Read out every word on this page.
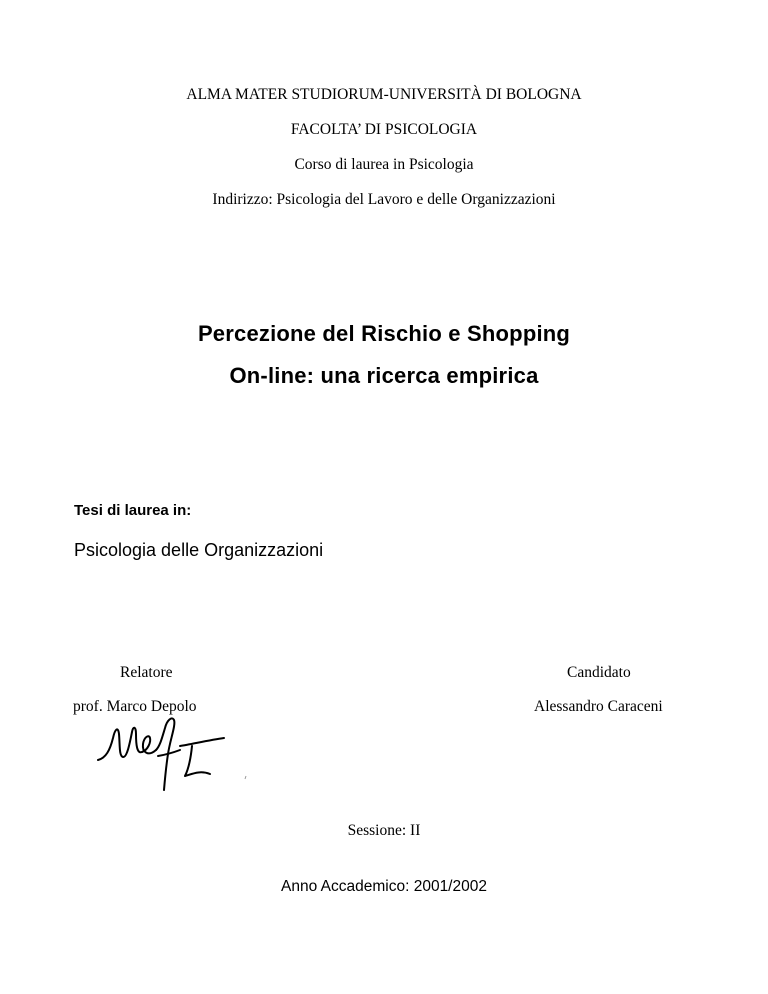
ALMA MATER STUDIORUM-UNIVERSITÀ DI BOLOGNA
FACOLTA’ DI PSICOLOGIA
Corso di laurea in Psicologia
Indirizzo: Psicologia del Lavoro e delle Organizzazioni
Percezione del Rischio e Shopping
On-line: una ricerca empirica
Tesi di laurea in:
Psicologia delle Organizzazioni
Relatore
prof. Marco Depolo
Candidato
Alessandro Caraceni
Sessione: II
Anno Accademico: 2001/2002
